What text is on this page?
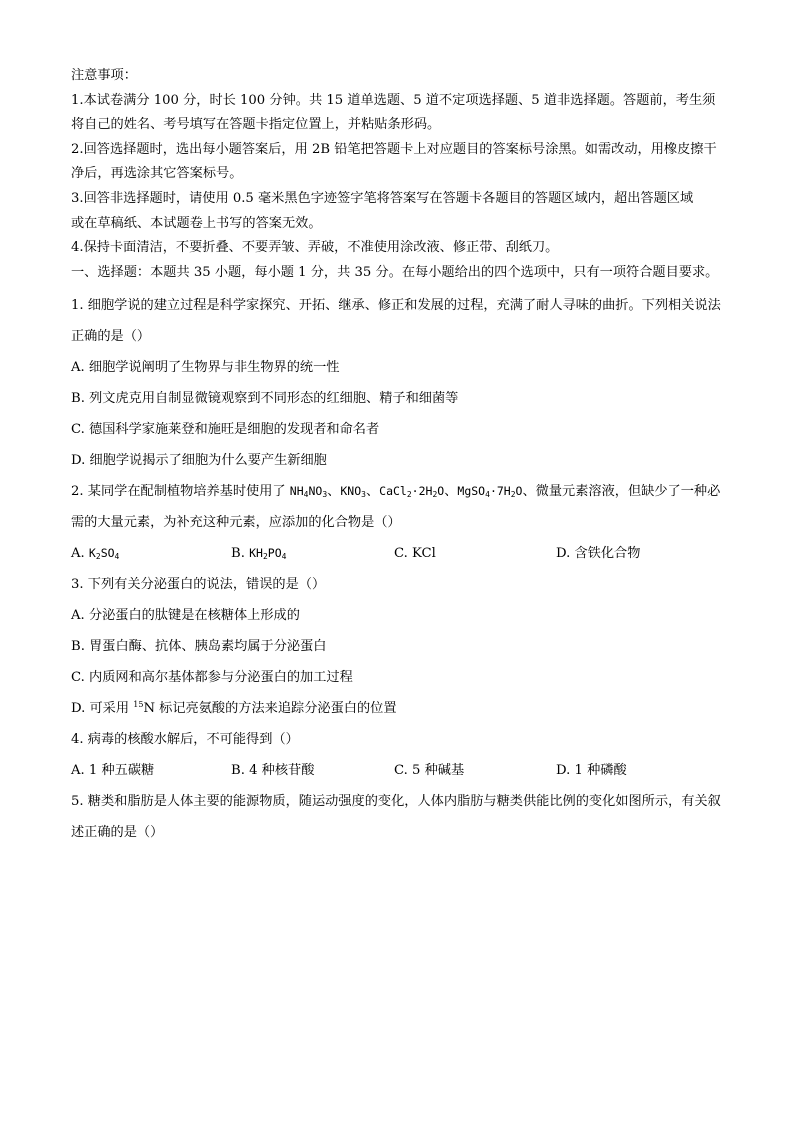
注意事项：

1.本试卷满分 100 分，时长 100 分钟。共 15 道单选题、5 道不定项选择题、5 道非选择题。答题前，考生须将自己的姓名、考号填写在答题卡指定位置上，并粘贴条形码。

2.回答选择题时，选出每小题答案后，用 2B 铅笔把答题卡上对应题目的答案标号涂黑。如需改动，用橡皮擦干净后，再选涂其它答案标号。

3.回答非选择题时，请使用 0.5 毫米黑色字迹签字笔将答案写在答题卡各题目的答题区域内，超出答题区域

或在草稿纸、本试题卷上书写的答案无效。

4.保持卡面清洁，不要折叠、不要弄皱、弄破，不准使用涂改液、修正带、刮纸刀。

一、选择题：本题共 35 小题，每小题 1 分，共 35 分。在每小题给出的四个选项中，只有一项符合题目要求。

1. 细胞学说的建立过程是科学家探究、开拓、继承、修正和发展的过程，充满了耐人寻味的曲折。下列相关说法正确的是（）

A. 细胞学说阐明了生物界与非生物界的统一性

B. 列文虎克用自制显微镜观察到不同形态的红细胞、精子和细菌等

C. 德国科学家施莱登和施旺是细胞的发现者和命名者

D. 细胞学说揭示了细胞为什么要产生新细胞

2. 某同学在配制植物培养基时使用了 $NH_4NO_3$、$KNO_3$、$CaCl_2\cdot 2H_2O$、$MgSO_4\cdot 7H_2O$、微量元素溶液，但缺少了一种必需的大量元素，为补充这种元素，应添加的化合物是（）

A. $K_2SO_4$	B. $KH_2PO_4$	C. KCl	D. 含铁化合物

3. 下列有关分泌蛋白的说法，错误的是（）

A. 分泌蛋白的肽键是在核糖体上形成的

B. 胃蛋白酶、抗体、胰岛素均属于分泌蛋白

C. 内质网和高尔基体都参与分泌蛋白的加工过程

D. 可采用 $^{15}$N 标记亮氨酸的方法来追踪分泌蛋白的位置

4. 病毒的核酸水解后，不可能得到（）

A. 1 种五碳糖	B. 4 种核苷酸	C. 5 种碱基	D. 1 种磷酸

5. 糖类和脂肪是人体主要的能源物质，随运动强度的变化，人体内脂肪与糖类供能比例的变化如图所示，有关叙述正确的是（）
